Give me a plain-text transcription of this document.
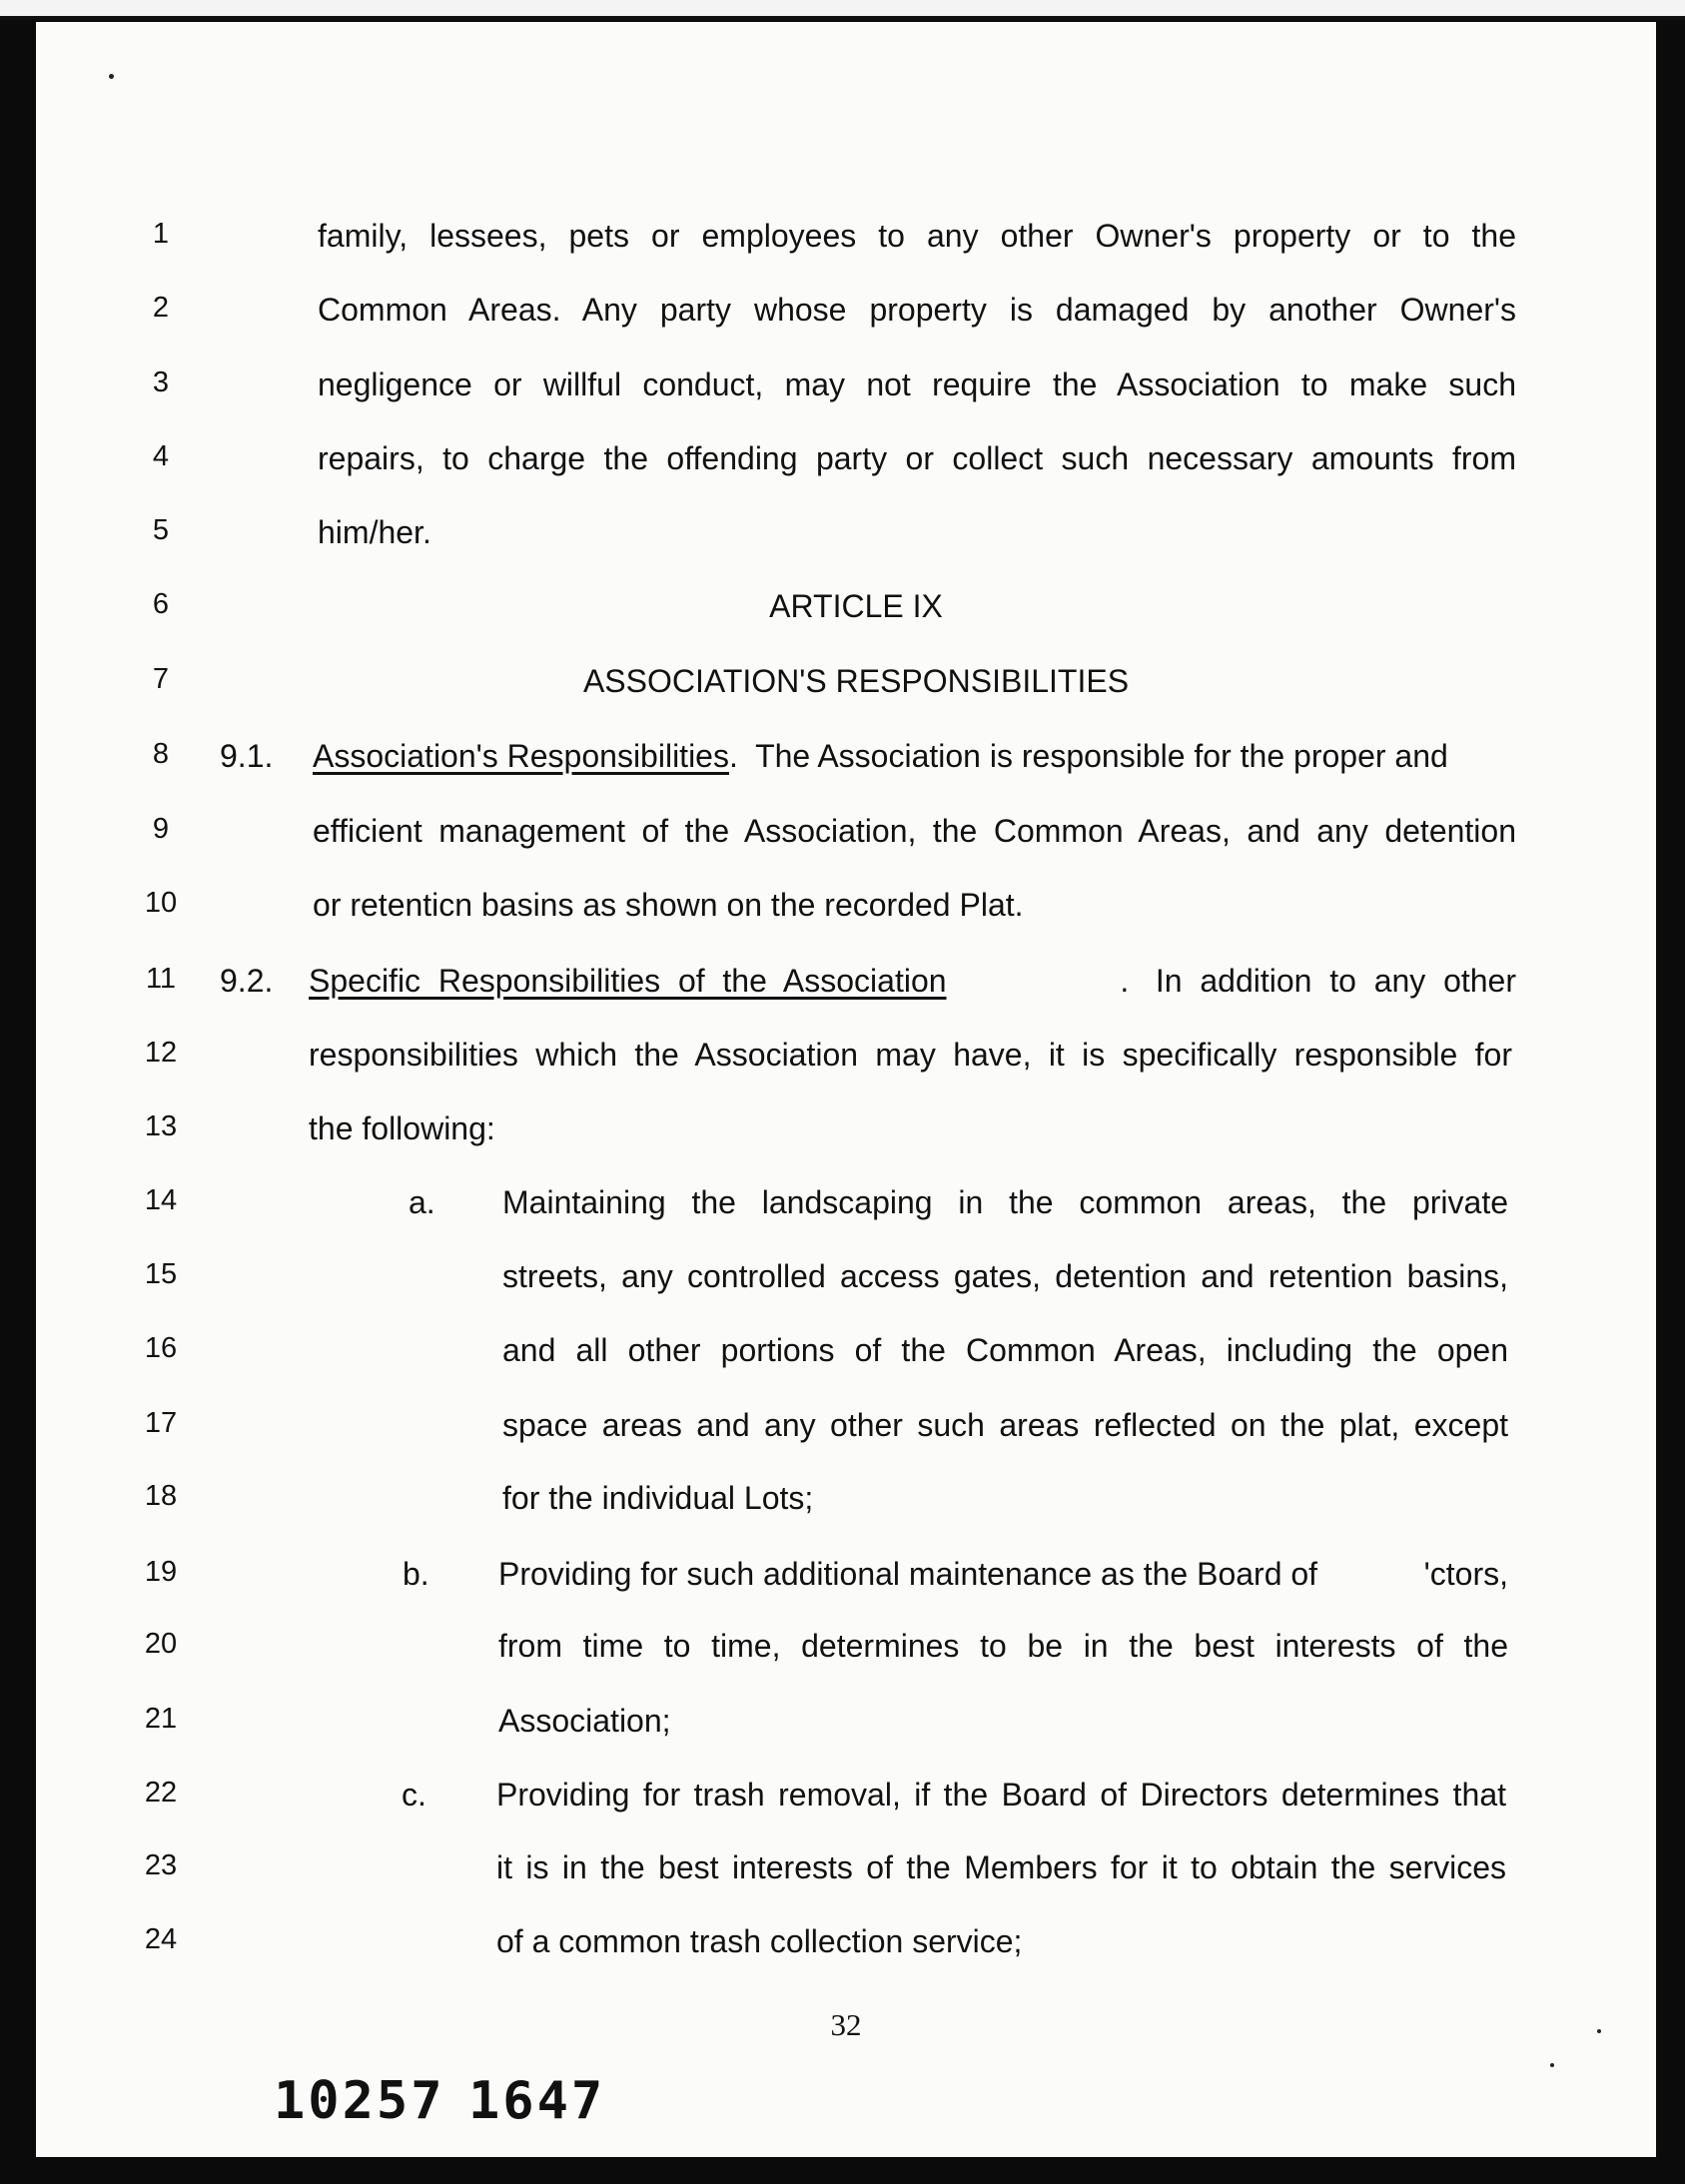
1
2
3
4
5
6
7
8
9
10
11
12
13
14
15
16
17
18
19
20
21
22
23
24
family, lessees, pets or employees to any other Owner's property or to the
Common Areas. Any party whose property is damaged by another Owner's
negligence or willful conduct, may not require the Association to make such
repairs, to charge the offending party or collect such necessary amounts from
him/her.
ARTICLE IX
ASSOCIATION'S RESPONSIBILITIES
9.1. Association's Responsibilities .  The Association is responsible for the proper and
efficient management of the Association, the Common Areas, and any detention
or retenticn basins as shown on the recorded Plat.
9.2. Specific  Responsibilities  of  the  Association	.   In  addition  to  any  other
responsibilities which the Association may have, it is specifically responsible for
the following:
a. Maintaining the landscaping in the common areas, the private
streets, any controlled access gates, detention and retention basins,
and all other portions of the Common Areas, including the open
space areas and any other such areas reflected on the plat, except
for the individual Lots;
b. Providing for such additional maintenance as the Board of	'ctors,
from time to time, determines to be in the best interests of the
Association;
c. Providing for trash removal, if the Board of Directors determines that
it is in the best interests of the Members for it to obtain the services
of a common trash collection service;
32
10257 1647
